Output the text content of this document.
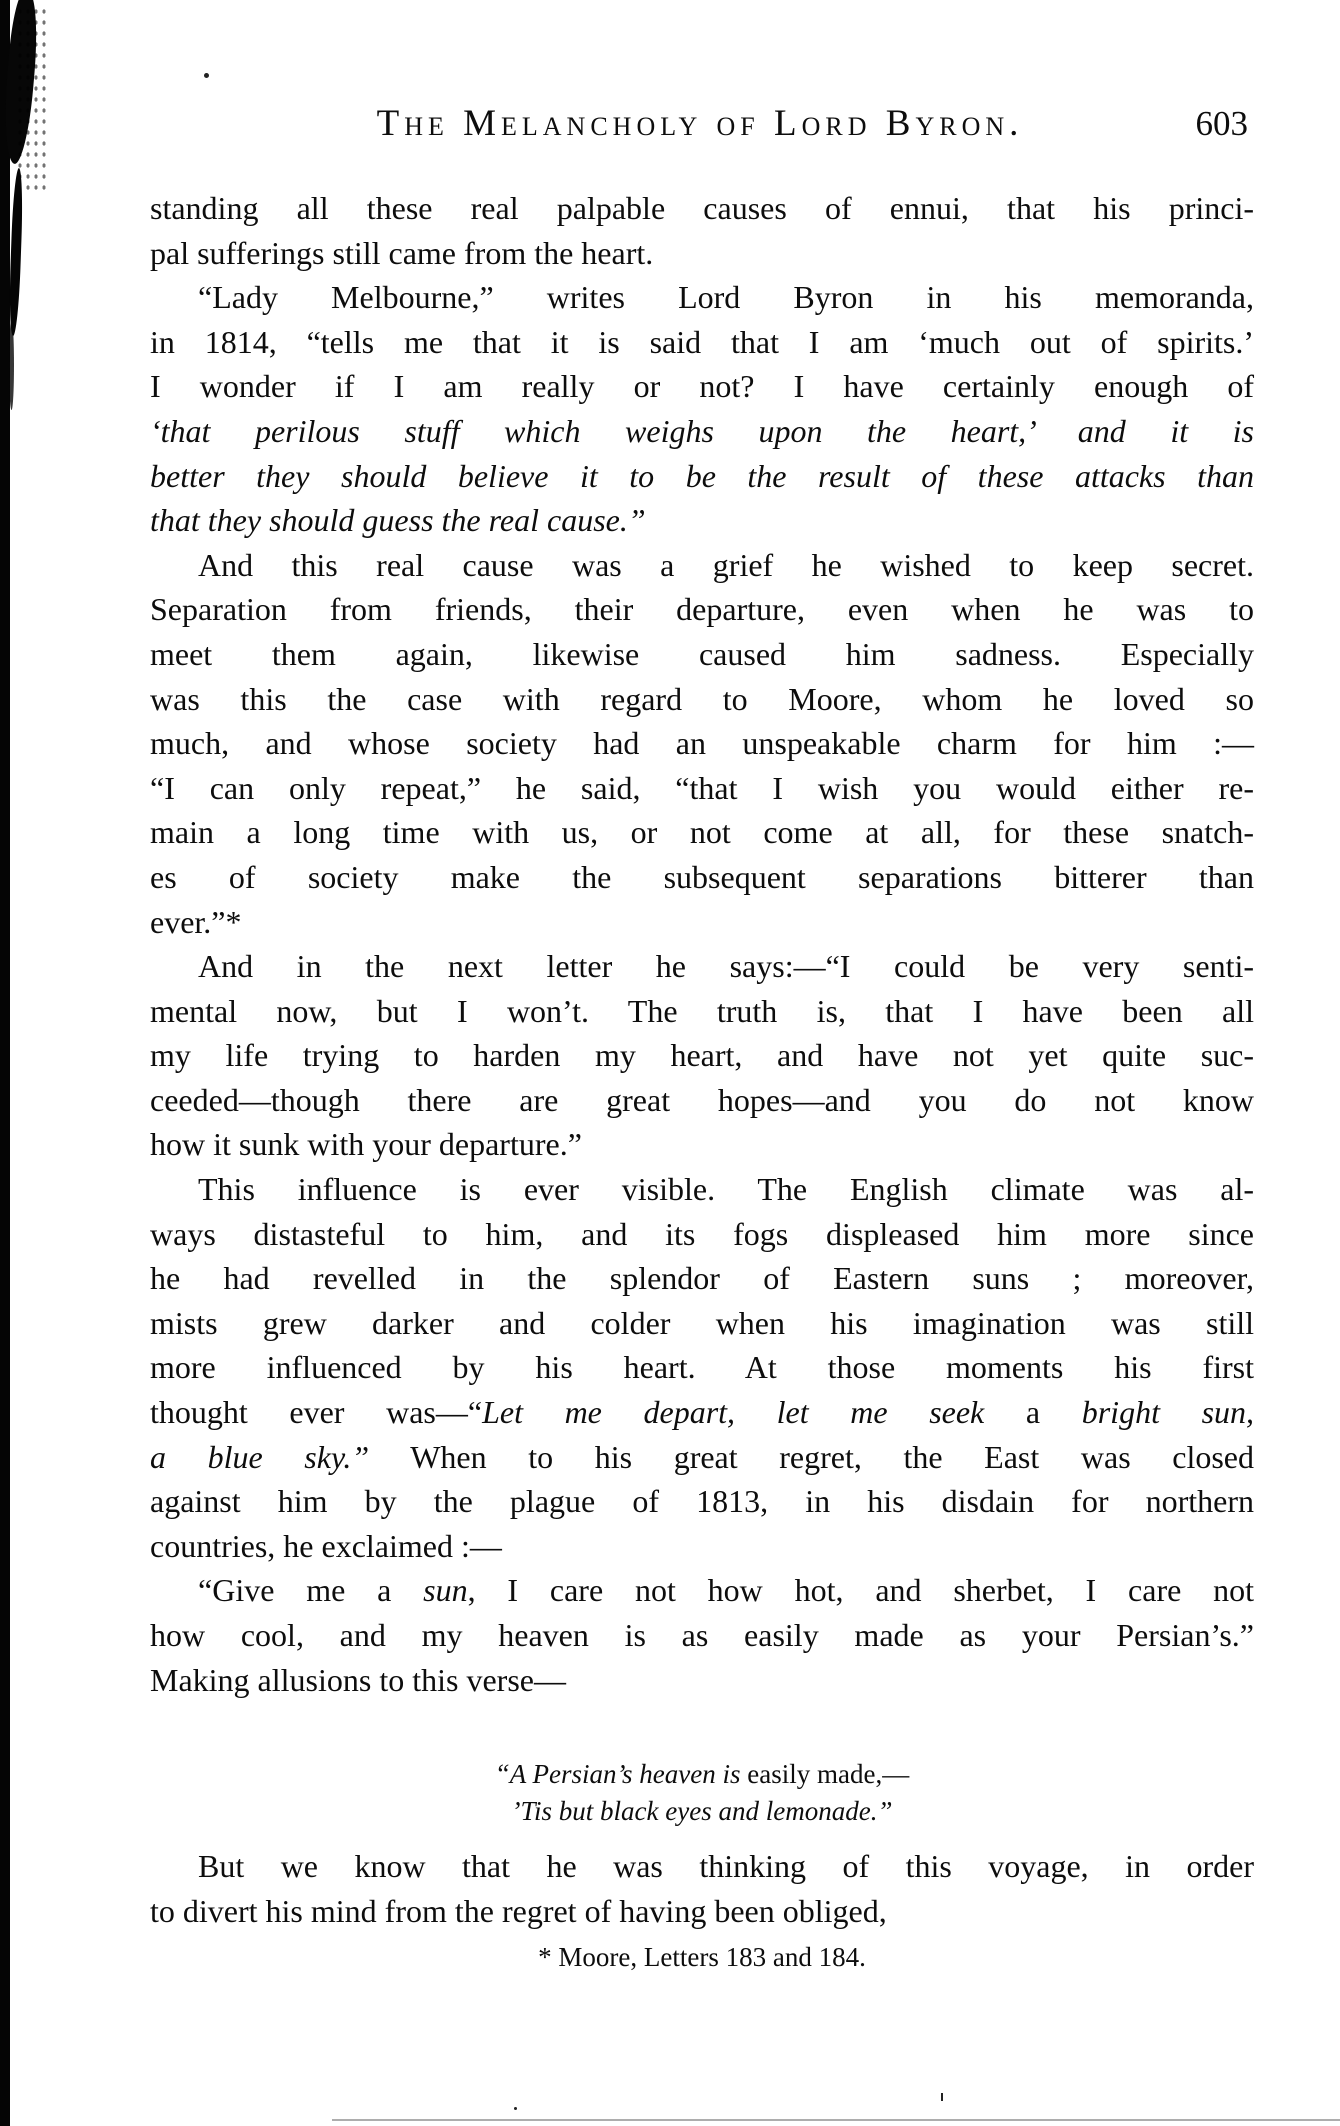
The Melancholy of Lord Byron.	603
standing all these real palpable causes of ennui, that his princi-
pal sufferings still came from the heart.
“Lady Melbourne,” writes Lord Byron in his memoranda,
in 1814, “tells me that it is said that I am ‘much out of spirits.’
I wonder if I am really or not? I have certainly enough of
‘that perilous stuff which weighs upon the heart,’ and it is
better they should believe it to be the result of these attacks than
that they should guess the real cause.”
And this real cause was a grief he wished to keep secret.
Separation from friends, their departure, even when he was to
meet them again, likewise caused him sadness. Especially
was this the case with regard to Moore, whom he loved so
much, and whose society had an unspeakable charm for him :—
“I can only repeat,” he said, “that I wish you would either re-
main a long time with us, or not come at all, for these snatch-
es of society make the subsequent separations bitterer than
ever.”*
And in the next letter he says:—“I could be very senti-
mental now, but I won’t. The truth is, that I have been all
my life trying to harden my heart, and have not yet quite suc-
ceeded—though there are great hopes—and you do not know
how it sunk with your departure.”
This influence is ever visible. The English climate was al-
ways distasteful to him, and its fogs displeased him more since
he had revelled in the splendor of Eastern suns ; moreover,
mists grew darker and colder when his imagination was still
more influenced by his heart. At those moments his first
thought ever was—“Let me depart, let me seek a bright sun,
a blue sky.” When to his great regret, the East was closed
against him by the plague of 1813, in his disdain for northern
countries, he exclaimed :—
“Give me a sun, I care not how hot, and sherbet, I care not
how cool, and my heaven is as easily made as your Persian’s.”
Making allusions to this verse—
“A Persian’s heaven is easily made,—
’Tis but black eyes and lemonade.”
But we know that he was thinking of this voyage, in order
to divert his mind from the regret of having been obliged,
* Moore, Letters 183 and 184.
